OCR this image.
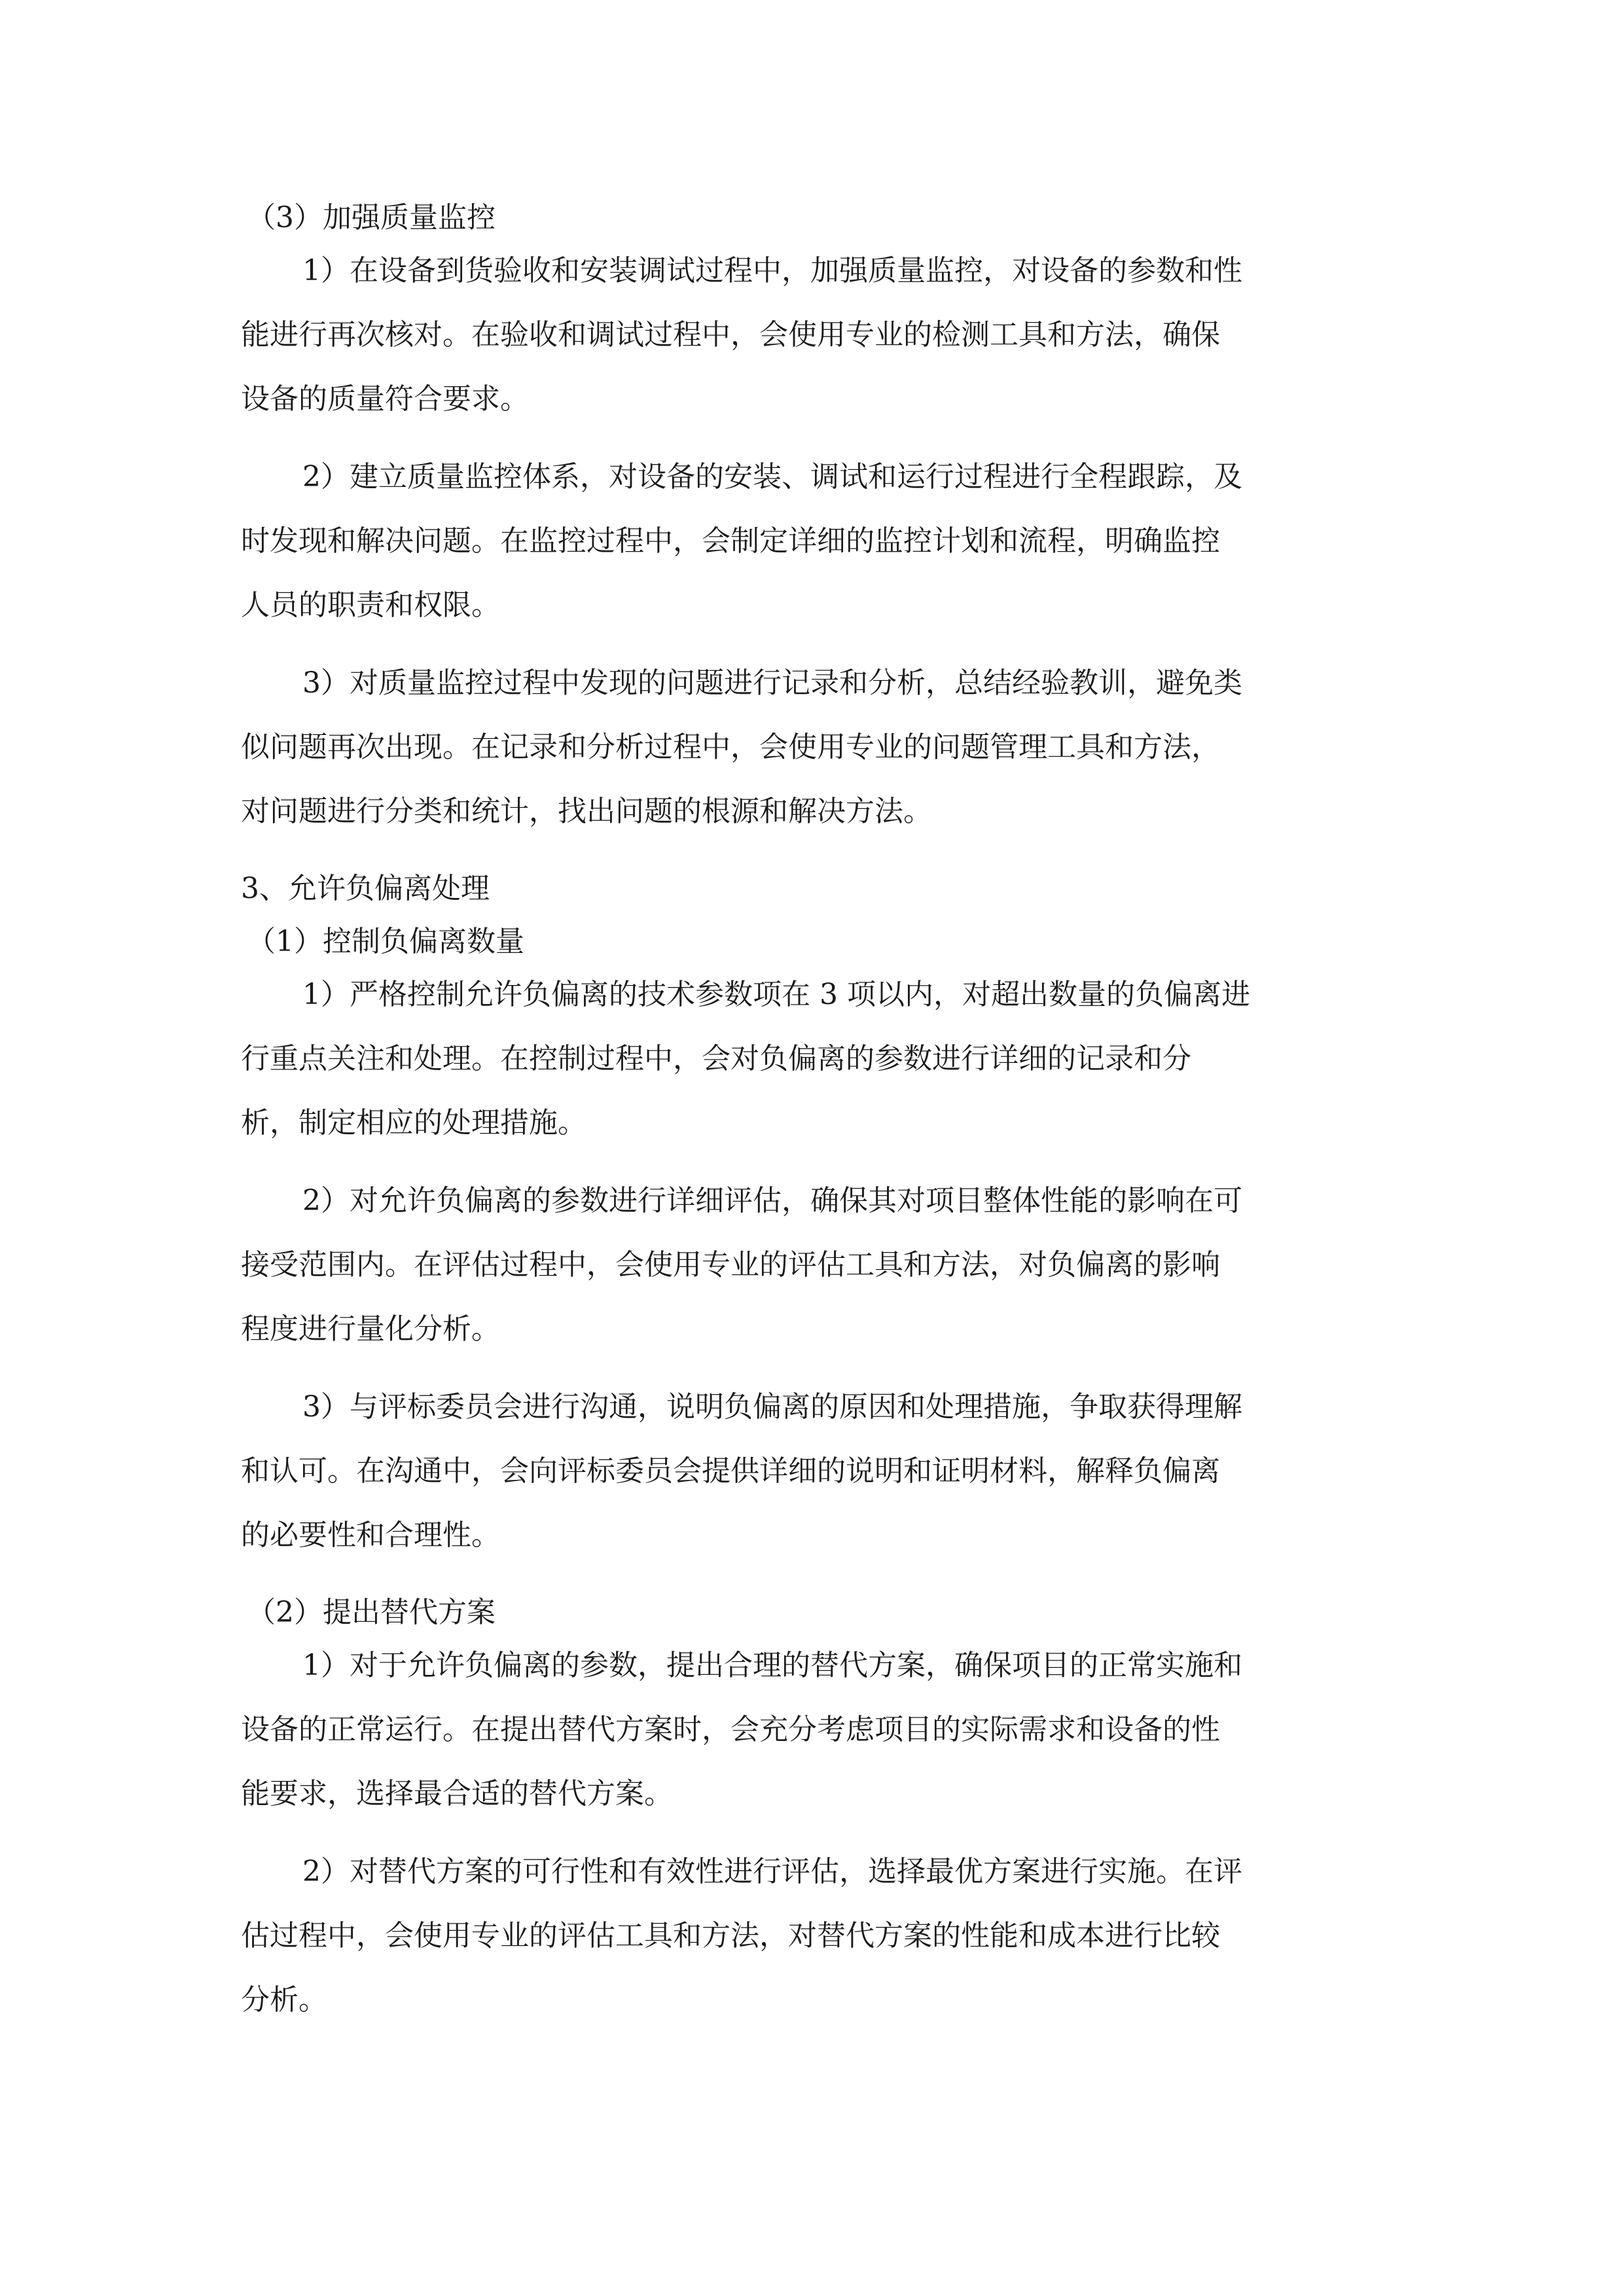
（3）加强质量监控
1）在设备到货验收和安装调试过程中，加强质量监控，对设备的参数和性
能进行再次核对。在验收和调试过程中，会使用专业的检测工具和方法，确保
设备的质量符合要求。
2）建立质量监控体系，对设备的安装、调试和运行过程进行全程跟踪，及
时发现和解决问题。在监控过程中，会制定详细的监控计划和流程，明确监控
人员的职责和权限。
3）对质量监控过程中发现的问题进行记录和分析，总结经验教训，避免类
似问题再次出现。在记录和分析过程中，会使用专业的问题管理工具和方法，
对问题进行分类和统计，找出问题的根源和解决方法。
3、允许负偏离处理
（1）控制负偏离数量
1）严格控制允许负偏离的技术参数项在 3 项以内，对超出数量的负偏离进
行重点关注和处理。在控制过程中，会对负偏离的参数进行详细的记录和分
析，制定相应的处理措施。
2）对允许负偏离的参数进行详细评估，确保其对项目整体性能的影响在可
接受范围内。在评估过程中，会使用专业的评估工具和方法，对负偏离的影响
程度进行量化分析。
3）与评标委员会进行沟通，说明负偏离的原因和处理措施，争取获得理解
和认可。在沟通中，会向评标委员会提供详细的说明和证明材料，解释负偏离
的必要性和合理性。
（2）提出替代方案
1）对于允许负偏离的参数，提出合理的替代方案，确保项目的正常实施和
设备的正常运行。在提出替代方案时，会充分考虑项目的实际需求和设备的性
能要求，选择最合适的替代方案。
2）对替代方案的可行性和有效性进行评估，选择最优方案进行实施。在评
估过程中，会使用专业的评估工具和方法，对替代方案的性能和成本进行比较
分析。
